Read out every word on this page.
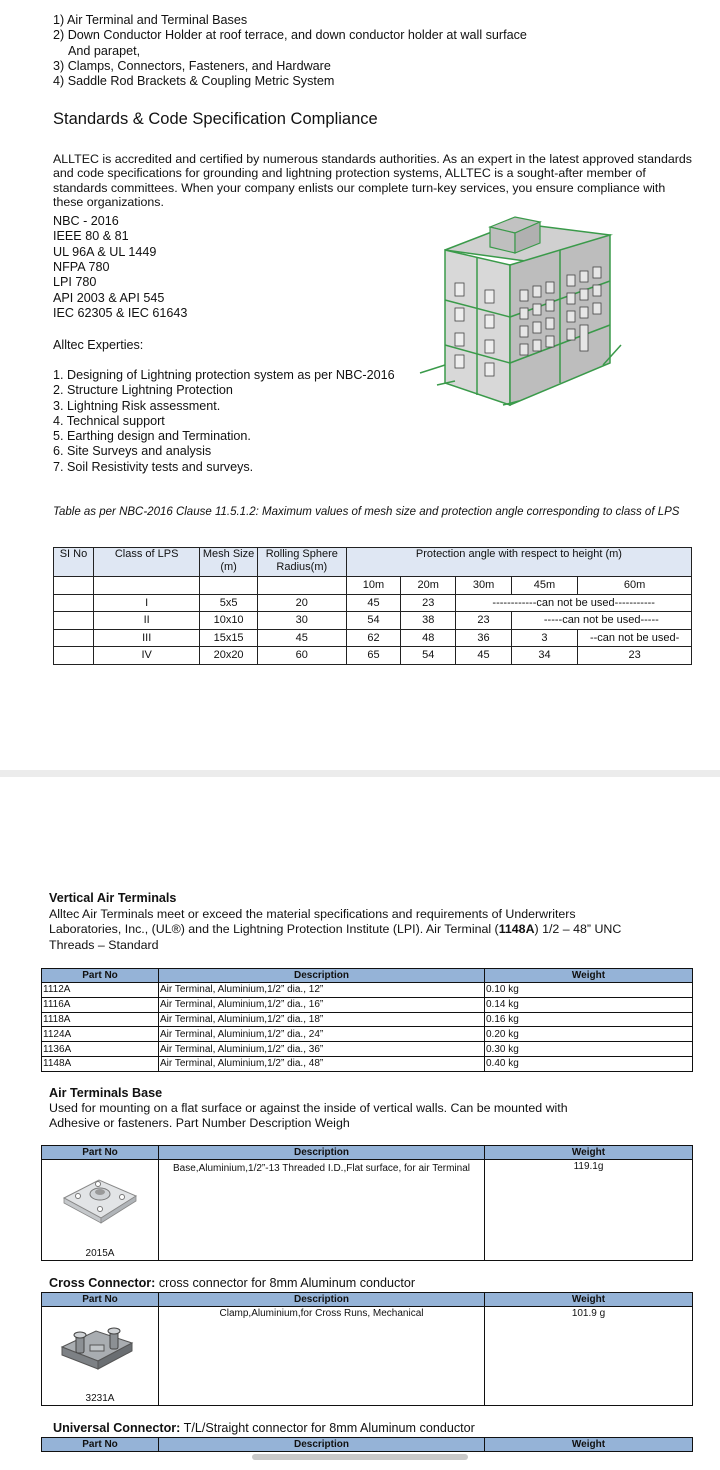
1) Air Terminal and Terminal Bases
2) Down Conductor Holder at roof terrace, and down conductor holder at wall surface
And parapet,
3) Clamps, Connectors, Fasteners, and Hardware
4) Saddle Rod Brackets & Coupling Metric System
Standards & Code Specification Compliance
ALLTEC is accredited and certified by numerous standards authorities. As an expert in the latest approved standards and code specifications for grounding and lightning protection systems, ALLTEC is a sought-after member of standards committees. When your company enlists our complete turn-key services, you ensure compliance with these organizations.
NBC - 2016
IEEE 80 & 81
UL 96A & UL 1449
NFPA 780
LPI 780
API 2003 & API 545
IEC 62305 & IEC 61643
Alltec Experties:
1. Designing of Lightning protection system as per NBC-2016
2. Structure Lightning Protection
3. Lightning Risk assessment.
4. Technical support
5. Earthing design and Termination.
6. Site Surveys and analysis
7. Soil Resistivity tests and surveys.
Table as per NBC-2016 Clause 11.5.1.2: Maximum values of mesh size and protection angle corresponding to class of LPS
SI No	Class of LPS	Mesh Size (m)	Rolling Sphere Radius(m)	Protection angle with respect to height (m)				
				10m	20m	30m	45m	60m
	I	5x5	20	45	23	------------can not be used-----------		
	II	10x10	30	54	38	23	-----can not be used-----	
	III	15x15	45	62	48	36	3	--can not be used-
	IV	20x20	60	65	54	45	34	23
Vertical Air Terminals
Alltec Air Terminals meet or exceed the material specifications and requirements of Underwriters Laboratories, Inc., (UL®) and the Lightning Protection Institute (LPI). Air Terminal (1148A) 1/2 – 48” UNC Threads – Standard
Part No	Description	Weight
1112A	Air Terminal, Aluminium,1/2” dia., 12”	0.10 kg
1116A	Air Terminal, Aluminium,1/2” dia., 16”	0.14 kg
1118A	Air Terminal, Aluminium,1/2” dia., 18”	0.16 kg
1124A	Air Terminal, Aluminium,1/2” dia., 24”	0.20 kg
1136A	Air Terminal, Aluminium,1/2” dia., 36”	0.30 kg
1148A	Air Terminal, Aluminium,1/2” dia., 48”	0.40 kg
Air Terminals Base
Used for mounting on a flat surface or against the inside of vertical walls. Can be mounted with Adhesive or fasteners. Part Number Description Weigh
Part No	Description	Weight

2015A	Base,Aluminium,1/2”-13 Threaded I.D.,Flat surface, for air Terminal	119.1g
Cross Connector: cross connector for 8mm Aluminum conductor
Part No	Description	Weight

3231A	Clamp,Aluminium,for Cross Runs, Mechanical	101.9 g
Universal Connector: T/L/Straight connector for 8mm Aluminum conductor
Part No	Description	Weight
